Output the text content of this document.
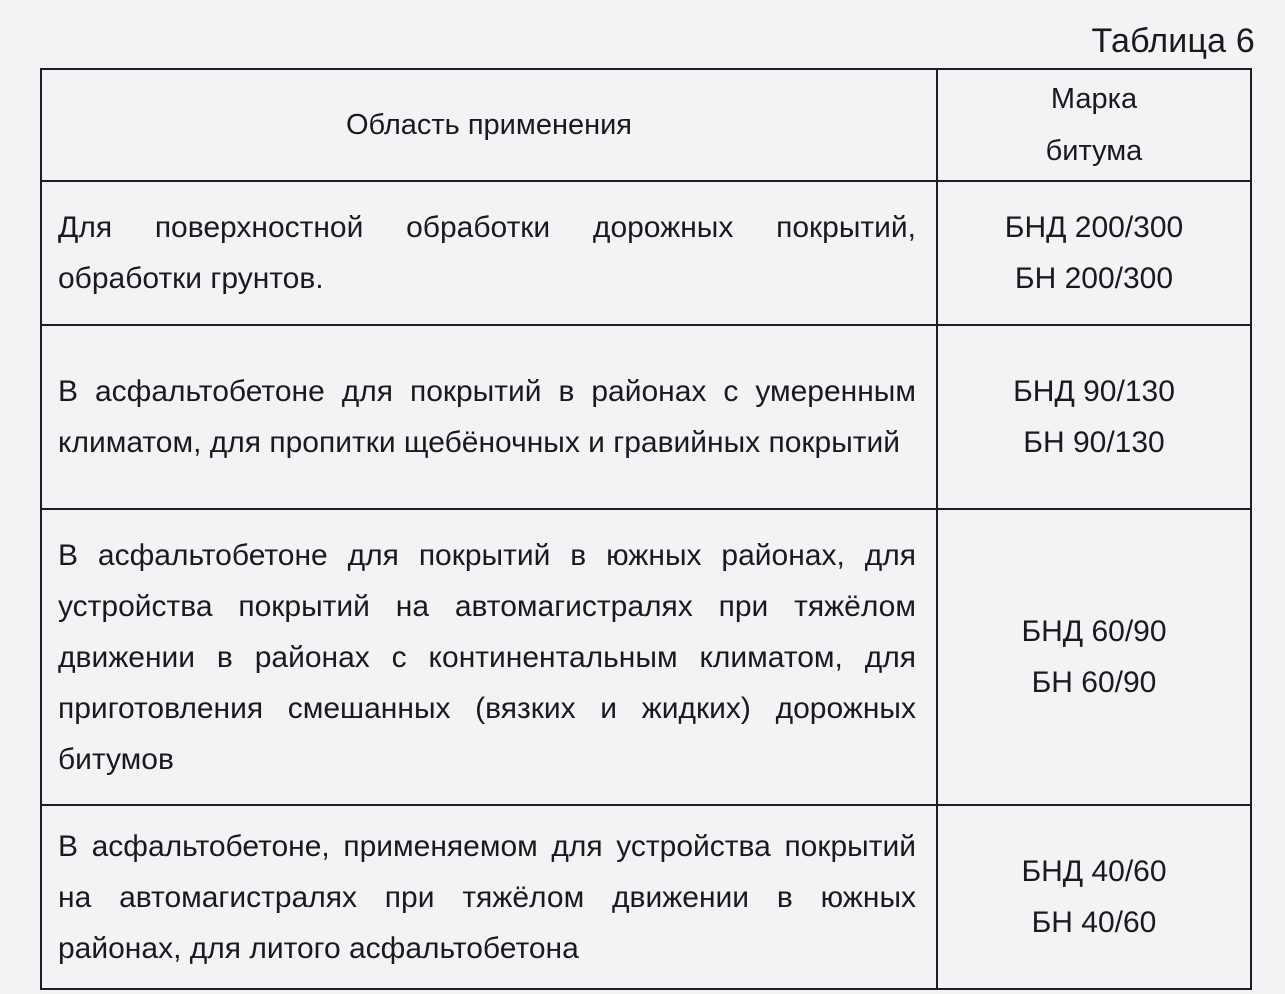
Таблица 6
Область применения	Марка
битума

Для поверхностной обработки дорожных покрытий, обработки грунтов.	БНД 200/300
БН 200/300

В асфальтобетоне для покрытий в районах с умеренным климатом, для пропитки щебёночных и гравийных покрытий	БНД 90/130
БН 90/130

В асфальтобетоне для покрытий в южных районах, для устройства покрытий на автомагистралях при тяжёлом движении в районах с континентальным климатом, для приготовления смешанных (вязких и жидких) дорожных битумов	БНД 60/90
БН 60/90

В асфальтобетоне, применяемом для устройства покрытий на автомагистралях при тяжёлом движении в южных районах, для литого асфальтобетона	БНД 40/60
БН 40/60
